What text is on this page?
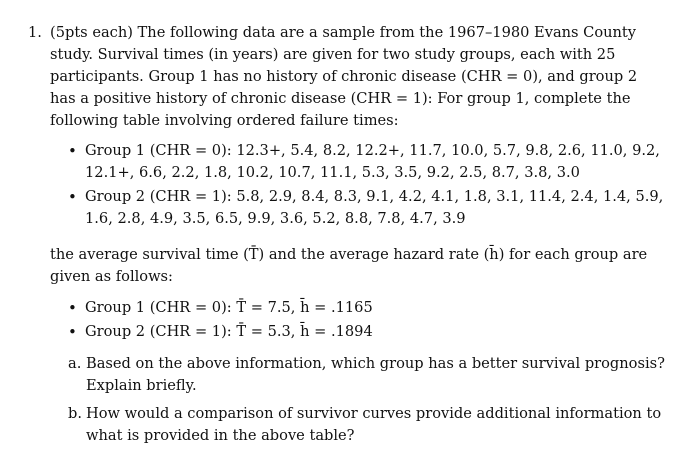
1. (5pts each) The following data are a sample from the 1967–1980 Evans County study. Survival times (in years) are given for two study groups, each with 25 participants. Group 1 has no history of chronic disease (CHR = 0), and group 2 has a positive history of chronic disease (CHR = 1): For group 1, complete the following table involving ordered failure times:

• Group 1 (CHR = 0): 12.3+, 5.4, 8.2, 12.2+, 11.7, 10.0, 5.7, 9.8, 2.6, 11.0, 9.2, 12.1+, 6.6, 2.2, 1.8, 10.2, 10.7, 11.1, 5.3, 3.5, 9.2, 2.5, 8.7, 3.8, 3.0
• Group 2 (CHR = 1): 5.8, 2.9, 8.4, 8.3, 9.1, 4.2, 4.1, 1.8, 3.1, 11.4, 2.4, 1.4, 5.9, 1.6, 2.8, 4.9, 3.5, 6.5, 9.9, 3.6, 5.2, 8.8, 7.8, 4.7, 3.9

the average survival time (T̄) and the average hazard rate (h̄) for each group are given as follows:

• Group 1 (CHR = 0): T̄ = 7.5, h̄ = .1165
• Group 2 (CHR = 1): T̄ = 5.3, h̄ = .1894
a. Based on the above information, which group has a better survival prognosis? Explain briefly.
b. How would a comparison of survivor curves provide additional information to what is provided in the above table?
